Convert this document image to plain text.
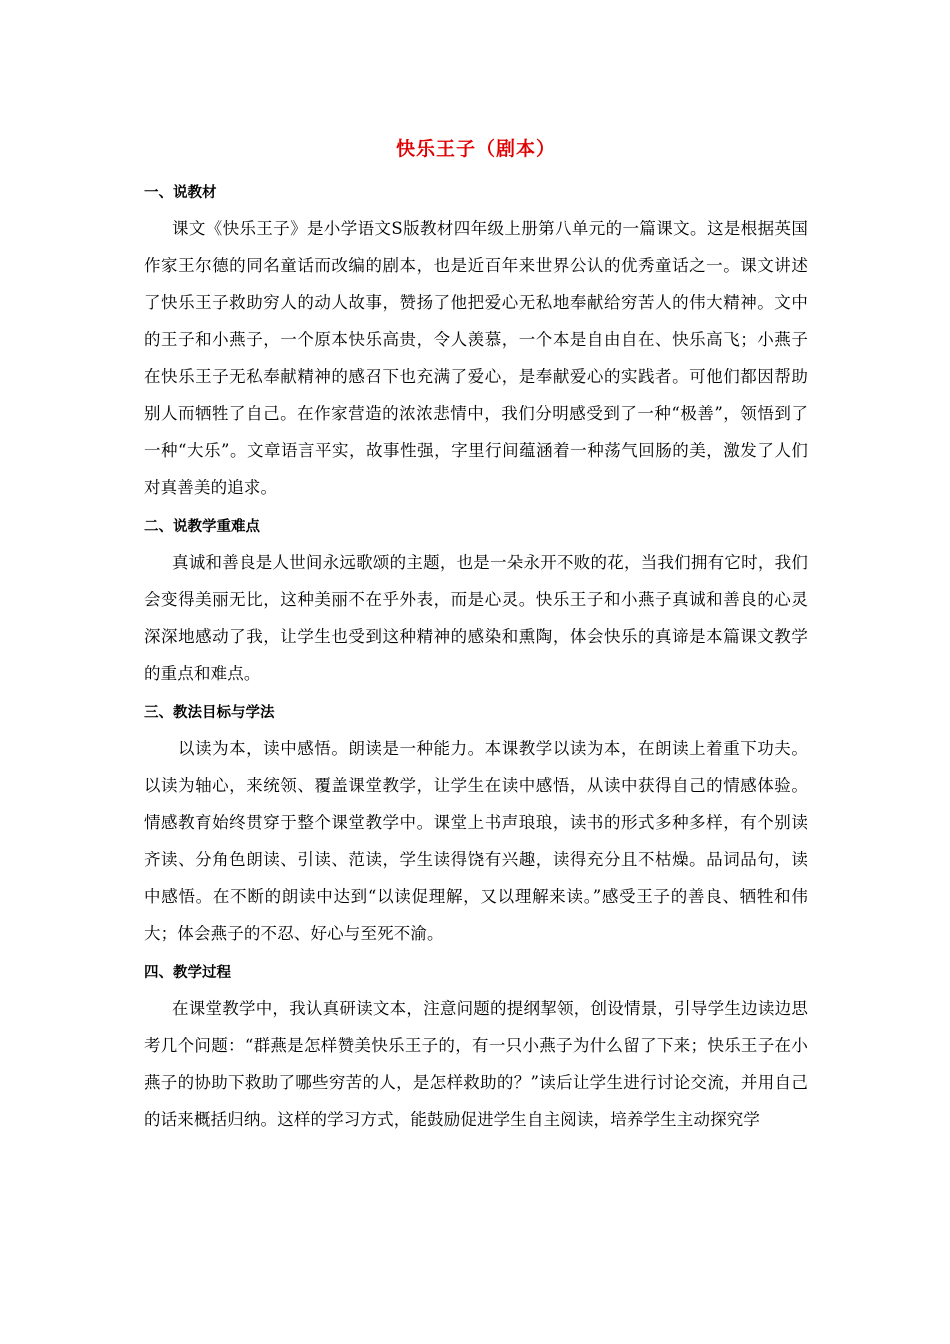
快乐王子（剧本）
一、说教材

课文《快乐王子》是小学语文S版教材四年级上册第八单元的一篇课文。这是根据英国作家王尔德的同名童话而改编的剧本，也是近百年来世界公认的优秀童话之一。课文讲述了快乐王子救助穷人的动人故事，赞扬了他把爱心无私地奉献给穷苦人的伟大精神。文中的王子和小燕子，一个原本快乐高贵，令人羡慕，一个本是自由自在、快乐高飞；小燕子在快乐王子无私奉献精神的感召下也充满了爱心，是奉献爱心的实践者。可他们都因帮助别人而牺牲了自己。在作家营造的浓浓悲情中，我们分明感受到了一种“极善”，领悟到了一种“大乐”。文章语言平实，故事性强，字里行间蕴涵着一种荡气回肠的美，激发了人们对真善美的追求。

二、说教学重难点

真诚和善良是人世间永远歌颂的主题，也是一朵永开不败的花，当我们拥有它时，我们会变得美丽无比，这种美丽不在乎外表，而是心灵。快乐王子和小燕子真诚和善良的心灵深深地感动了我，让学生也受到这种精神的感染和熏陶，体会快乐的真谛是本篇课文教学的重点和难点。

三、教法目标与学法

以读为本，读中感悟。朗读是一种能力。本课教学以读为本，在朗读上着重下功夫。以读为轴心，来统领、覆盖课堂教学，让学生在读中感悟，从读中获得自己的情感体验。情感教育始终贯穿于整个课堂教学中。课堂上书声琅琅，读书的形式多种多样，有个别读齐读、分角色朗读、引读、范读，学生读得饶有兴趣，读得充分且不枯燥。品词品句，读中感悟。在不断的朗读中达到“以读促理解，又以理解来读。”感受王子的善良、牺牲和伟大；体会燕子的不忍、好心与至死不渝。

四、教学过程

在课堂教学中，我认真研读文本，注意问题的提纲挈领，创设情景，引导学生边读边思考几个问题：“群燕是怎样赞美快乐王子的，有一只小燕子为什么留了下来；快乐王子在小燕子的协助下救助了哪些穷苦的人，是怎样救助的？”读后让学生进行讨论交流，并用自己的话来概括归纳。这样的学习方式，能鼓励促进学生自主阅读，培养学生主动探究学
